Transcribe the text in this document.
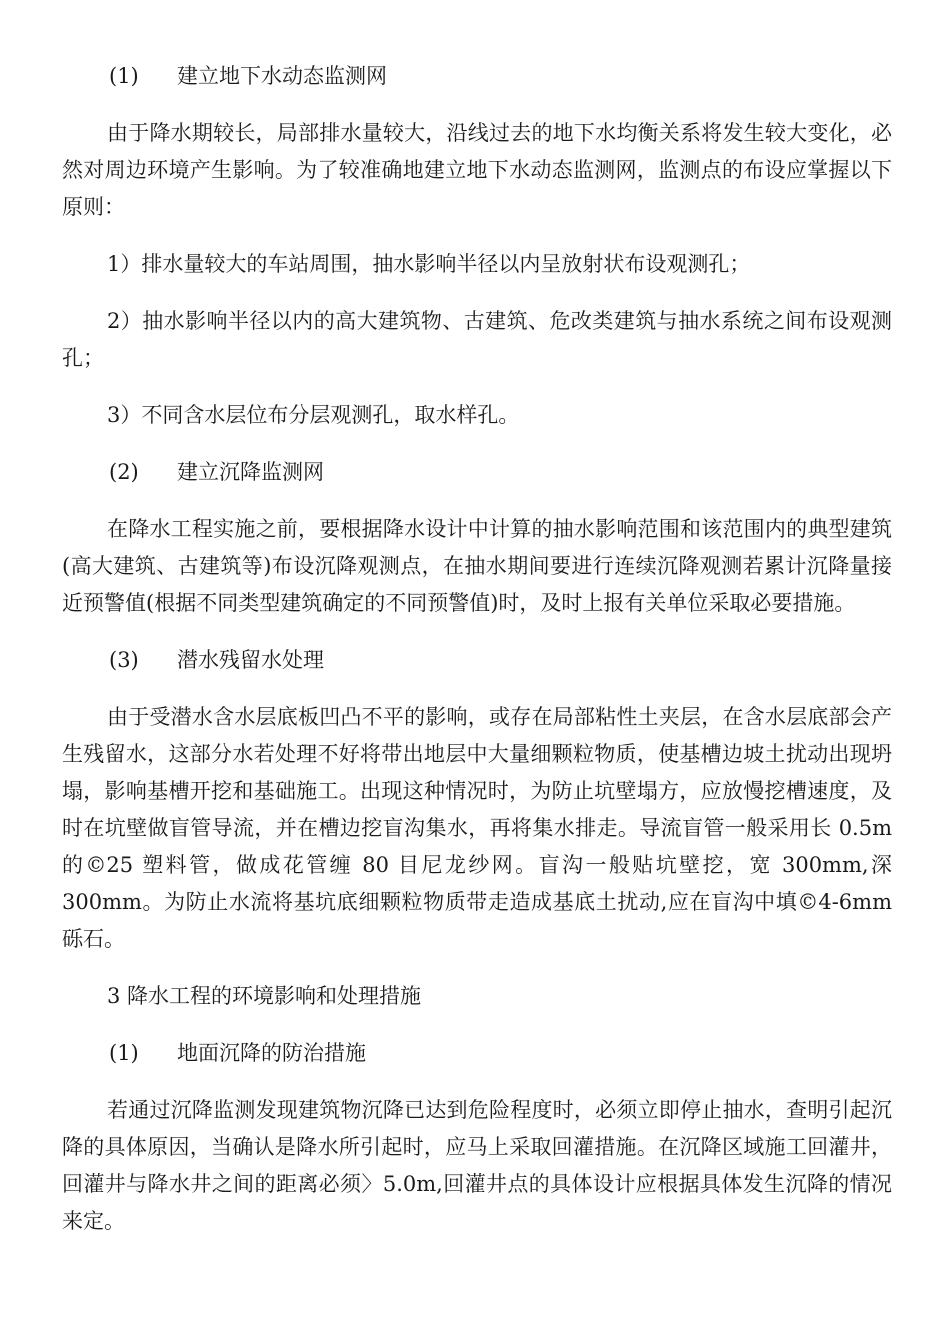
(1) 建立地下水动态监测网

由于降水期较长，局部排水量较大，沿线过去的地下水均衡关系将发生较大变化，必然对周边环境产生影响。为了较准确地建立地下水动态监测网，监测点的布设应掌握以下原则：

1）排水量较大的车站周围，抽水影响半径以内呈放射状布设观测孔；

2）抽水影响半径以内的高大建筑物、古建筑、危改类建筑与抽水系统之间布设观测孔；

3）不同含水层位布分层观测孔，取水样孔。

(2) 建立沉降监测网

在降水工程实施之前，要根据降水设计中计算的抽水影响范围和该范围内的典型建筑(高大建筑、古建筑等)布设沉降观测点，在抽水期间要进行连续沉降观测若累计沉降量接近预警值(根据不同类型建筑确定的不同预警值)时，及时上报有关单位采取必要措施。

(3) 潜水残留水处理

由于受潜水含水层底板凹凸不平的影响，或存在局部粘性土夹层，在含水层底部会产生残留水，这部分水若处理不好将带出地层中大量细颗粒物质，使基槽边坡土扰动出现坍塌，影响基槽开挖和基础施工。出现这种情况时，为防止坑壁塌方，应放慢挖槽速度，及时在坑壁做盲管导流，并在槽边挖盲沟集水，再将集水排走。导流盲管一般采用长 0.5m 的©25 塑料管，做成花管缠 80 目尼龙纱网。盲沟一般贴坑壁挖，宽 300mm,深 300mm。为防止水流将基坑底细颗粒物质带走造成基底土扰动,应在盲沟中填©4-6mm 砾石。

3 降水工程的环境影响和处理措施

(1) 地面沉降的防治措施

若通过沉降监测发现建筑物沉降已达到危险程度时，必须立即停止抽水，查明引起沉降的具体原因，当确认是降水所引起时，应马上采取回灌措施。在沉降区域施工回灌井，回灌井与降水井之间的距离必须〉5.0m,回灌井点的具体设计应根据具体发生沉降的情况来定。
